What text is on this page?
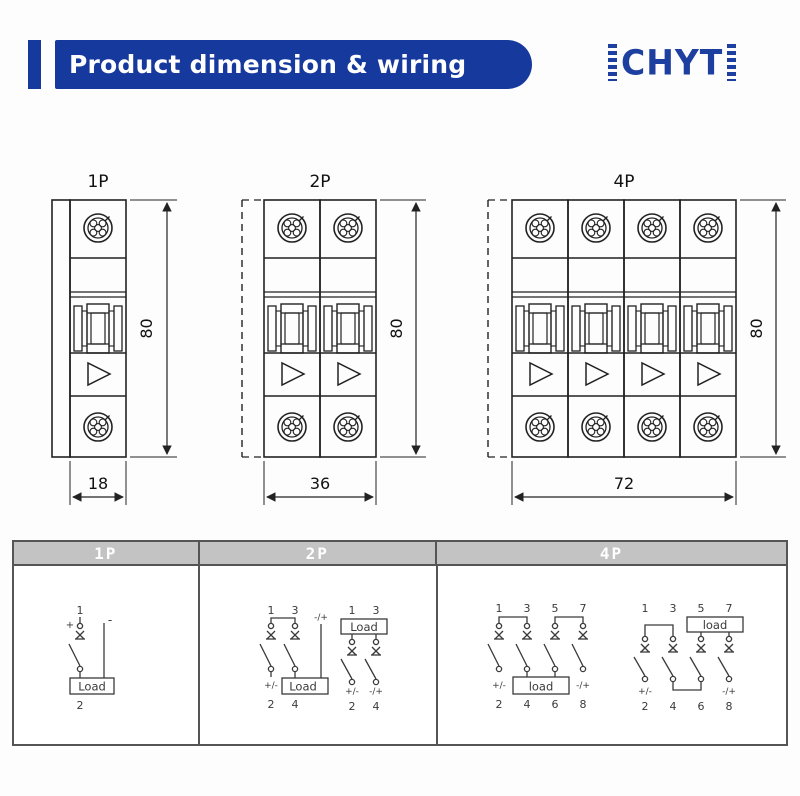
Product dimension & wiring	CHYT
1P
80
18
2P
80
36
4P
80
72
1P	2P	4P
1
+
Load
2
-
1 3
+/-
2
Load
4
-/+
1 3
Load
+/- -/+
2 4
1 3 5 7
load
+/-	-/+
2 4 6 8
1 3 5 7
load
+/-	-/+
2 4 6 8
